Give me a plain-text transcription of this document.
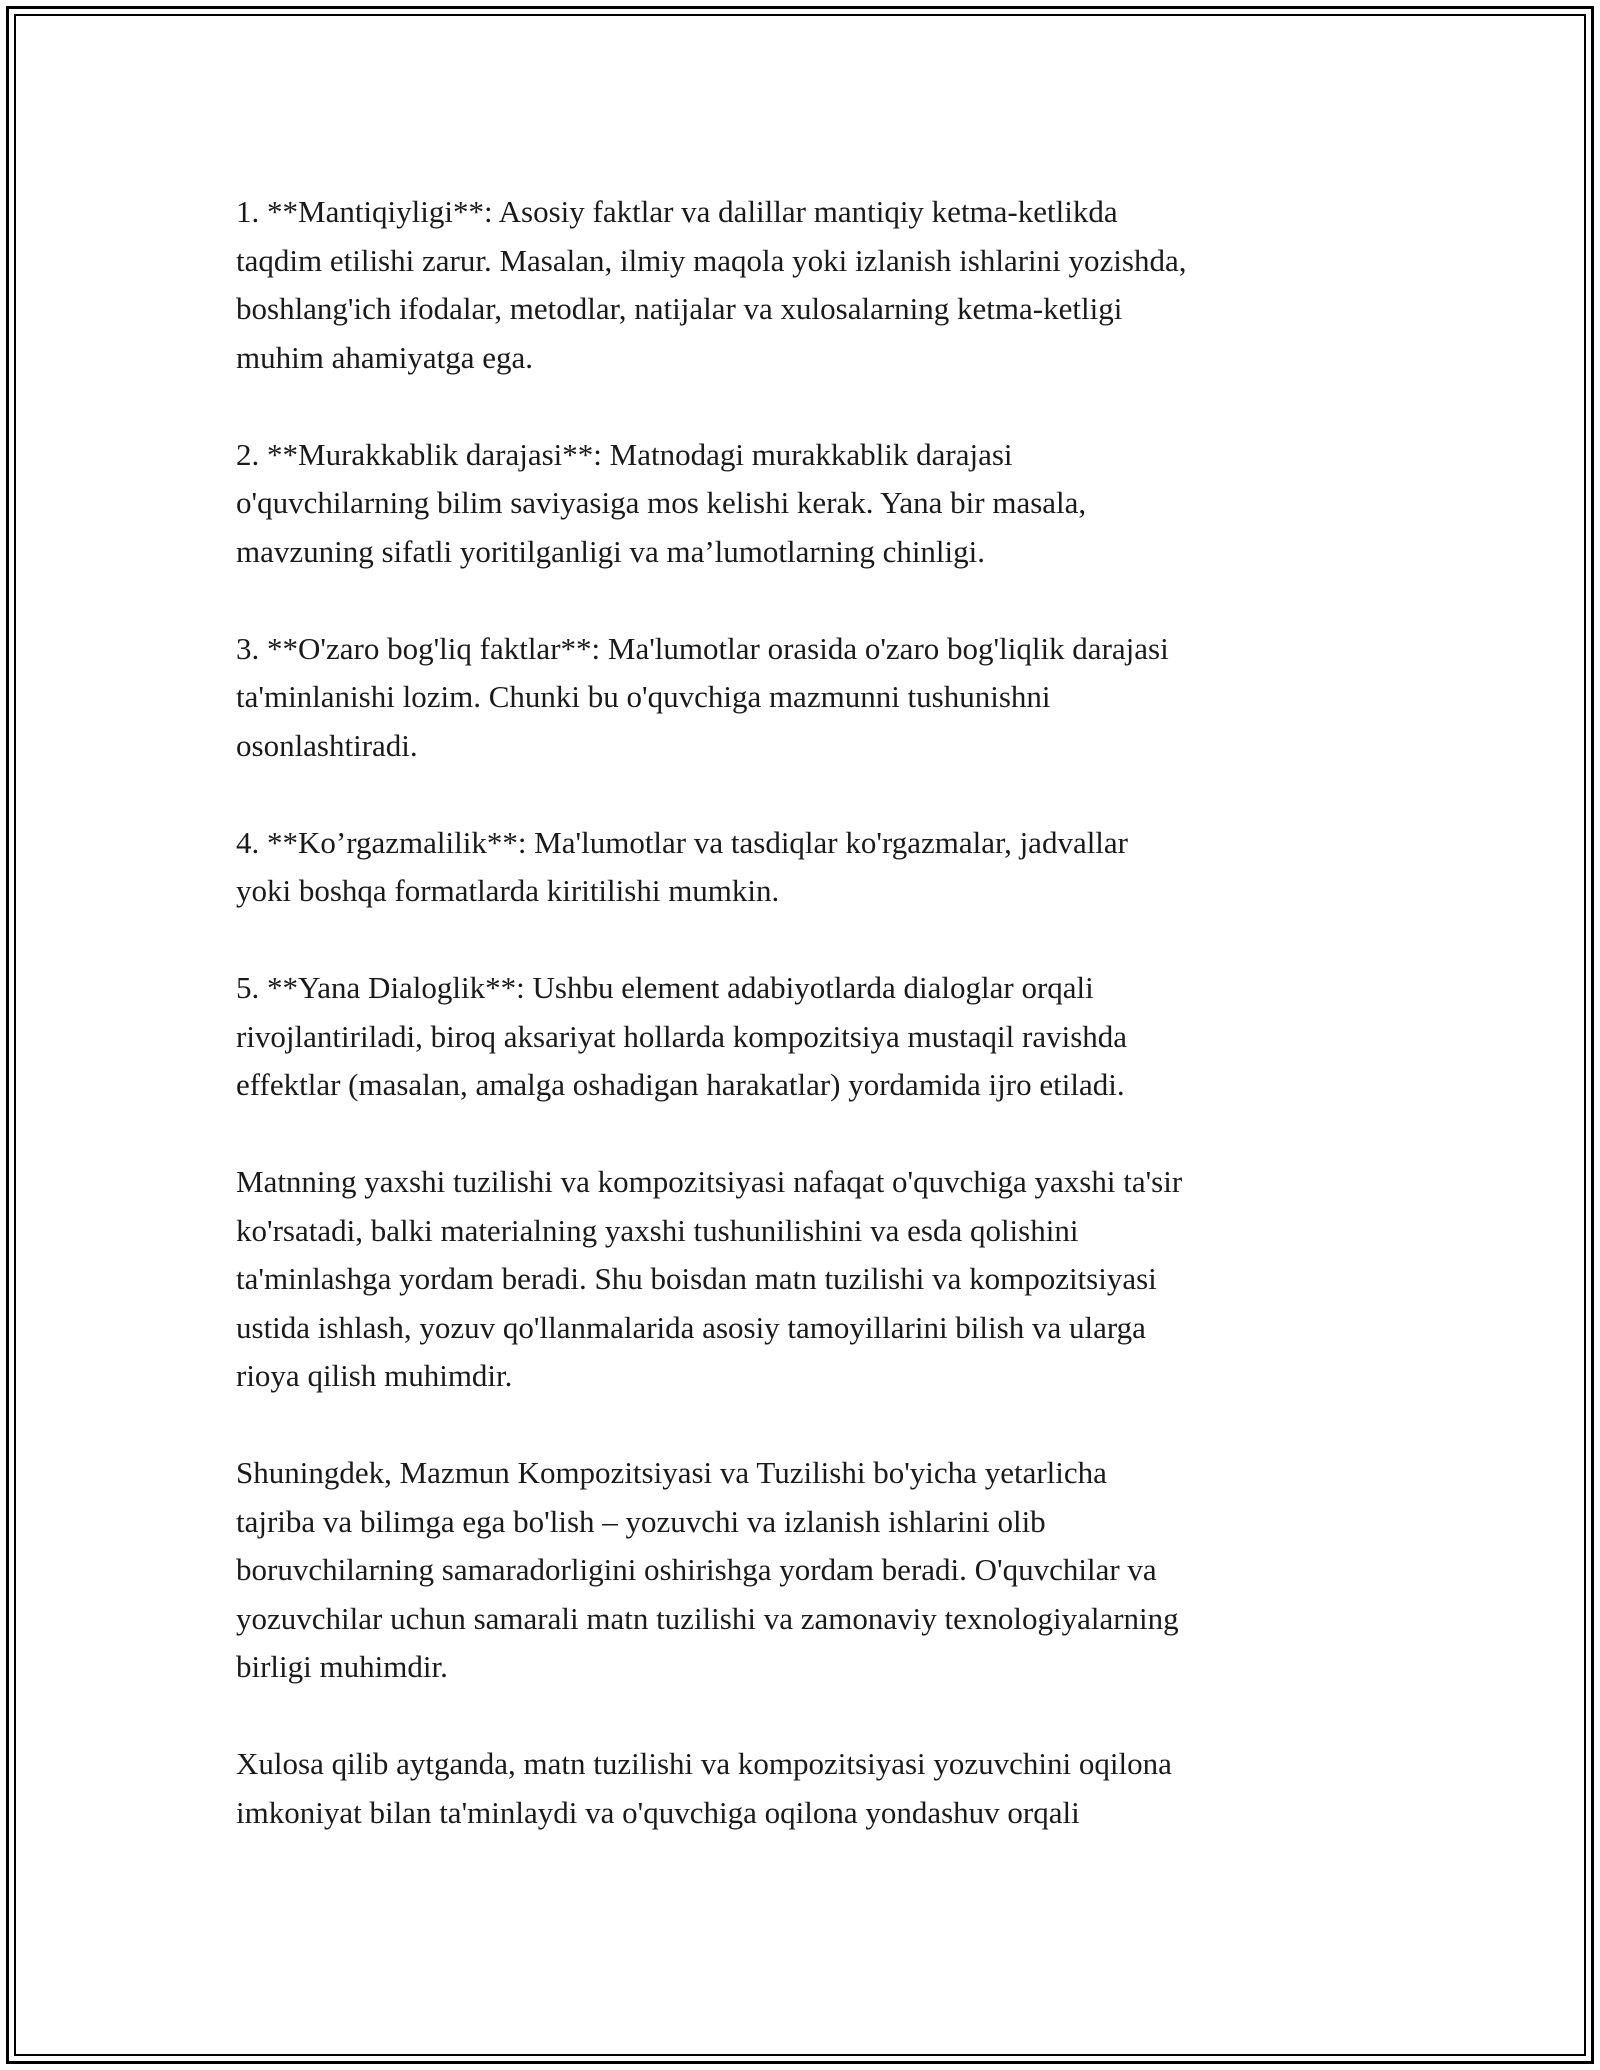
1. **Mantiqiyligi**: Asosiy faktlar va dalillar mantiqiy ketma-ketlikda
taqdim etilishi zarur. Masalan, ilmiy maqola yoki izlanish ishlarini yozishda,
boshlang'ich ifodalar, metodlar, natijalar va xulosalarning ketma-ketligi
muhim ahamiyatga ega.

2. **Murakkablik darajasi**: Matnodagi murakkablik darajasi
o'quvchilarning bilim saviyasiga mos kelishi kerak. Yana bir masala,
mavzuning sifatli yoritilganligi va ma’lumotlarning chinligi.

3. **O'zaro bog'liq faktlar**: Ma'lumotlar orasida o'zaro bog'liqlik darajasi
ta'minlanishi lozim. Chunki bu o'quvchiga mazmunni tushunishni
osonlashtiradi.

4. **Ko’rgazmalilik**: Ma'lumotlar va tasdiqlar ko'rgazmalar, jadvallar
yoki boshqa formatlarda kiritilishi mumkin.

5. **Yana Dialoglik**: Ushbu element adabiyotlarda dialoglar orqali
rivojlantiriladi, biroq aksariyat hollarda kompozitsiya mustaqil ravishda
effektlar (masalan, amalga oshadigan harakatlar) yordamida ijro etiladi.

Matnning yaxshi tuzilishi va kompozitsiyasi nafaqat o'quvchiga yaxshi ta'sir
ko'rsatadi, balki materialning yaxshi tushunilishini va esda qolishini
ta'minlashga yordam beradi. Shu boisdan matn tuzilishi va kompozitsiyasi
ustida ishlash, yozuv qo'llanmalarida asosiy tamoyillarini bilish va ularga
rioya qilish muhimdir.

Shuningdek, Mazmun Kompozitsiyasi va Tuzilishi bo'yicha yetarlicha
tajriba va bilimga ega bo'lish – yozuvchi va izlanish ishlarini olib
boruvchilarning samaradorligini oshirishga yordam beradi. O'quvchilar va
yozuvchilar uchun samarali matn tuzilishi va zamonaviy texnologiyalarning
birligi muhimdir.

Xulosa qilib aytganda, matn tuzilishi va kompozitsiyasi yozuvchini oqilona
imkoniyat bilan ta'minlaydi va o'quvchiga oqilona yondashuv orqali
